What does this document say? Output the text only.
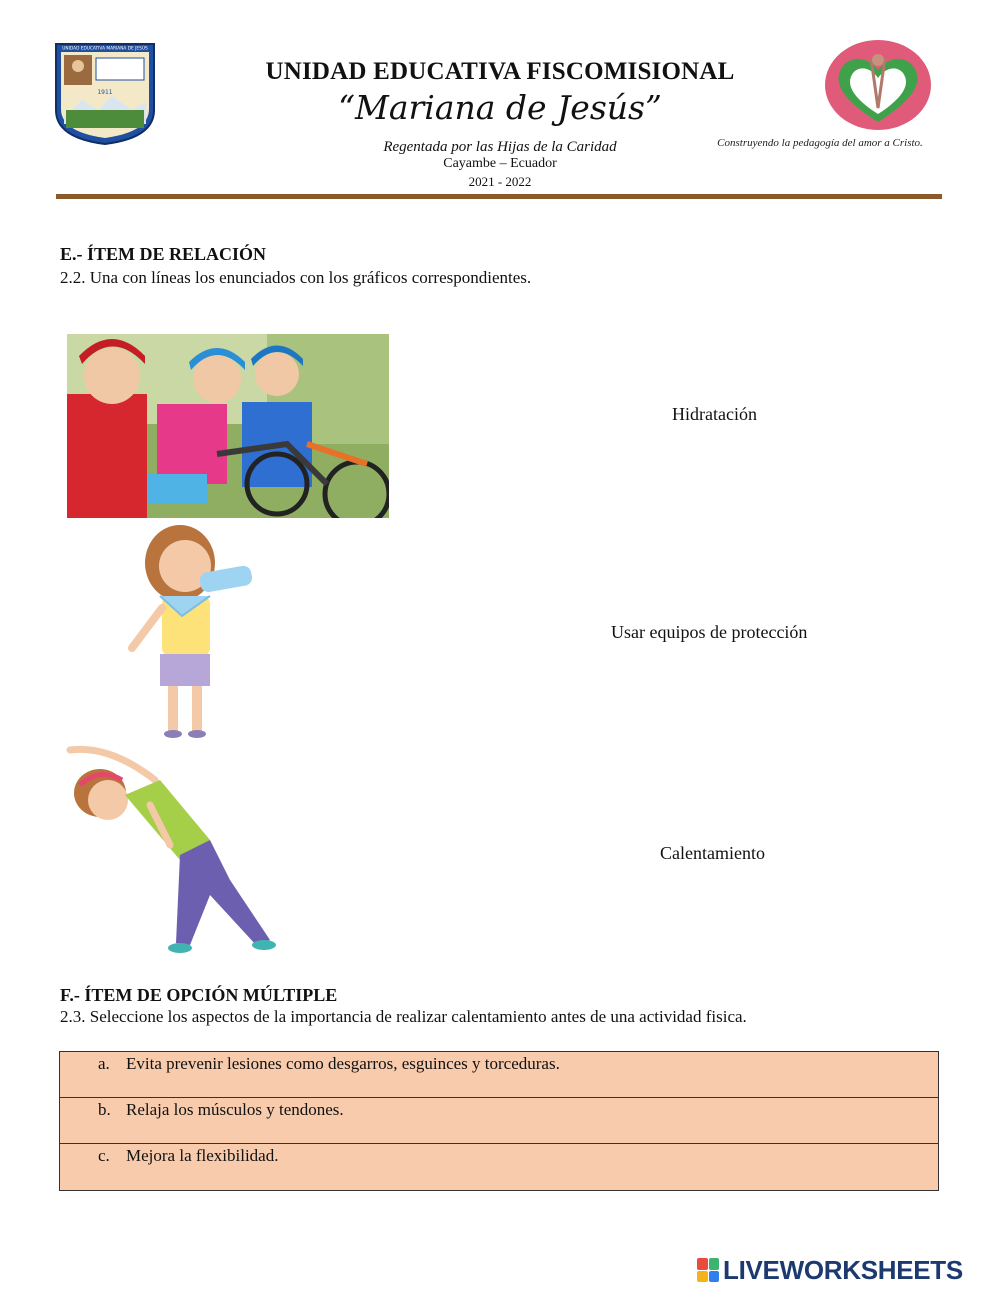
1911
UNIDAD EDUCATIVA MARIANA DE JESÚS
UNIDAD EDUCATIVA FISCOMISIONAL
“Mariana de Jesús”
Regentada por las Hijas de la Caridad
Cayambe – Ecuador
2021 - 2022
Construyendo la pedagogía del amor a Cristo.
E.- ÍTEM DE RELACIÓN
2.2. Una con líneas los enunciados con los gráficos correspondientes.
Hidratación
Usar equipos de protección
Calentamiento
F.- ÍTEM DE OPCIÓN MÚLTIPLE
2.3. Seleccione los aspectos de la importancia de realizar calentamiento antes de una actividad fisica.
a. Evita prevenir lesiones como desgarros, esguinces y torceduras.
b. Relaja los músculos y tendones.
c. Mejora la flexibilidad.
LIVEWORKSHEETS
